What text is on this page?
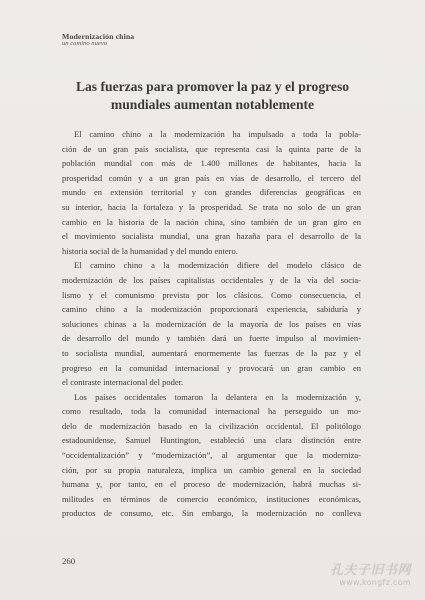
Modernización china
un camino nuevo
Las fuerzas para promover la paz y el progreso
mundiales aumentan notablemente
El camino chino a la modernización ha impulsado a toda la pobla-
ción de un gran país socialista, que representa casi la quinta parte de la
población mundial con más de 1.400 millones de habitantes, hacia la
prosperidad común y a un gran país en vías de desarrollo, el tercero del
mundo en extensión territorial y con grandes diferencias geográficas en
su interior, hacia la fortaleza y la prosperidad. Se trata no solo de un gran
cambio en la historia de la nación china, sino también de un gran giro en
el movimiento socialista mundial, una gran hazaña para el desarrollo de la
historia social de la humanidad y del mundo entero.
El camino chino a la modernización difiere del modelo clásico de
modernización de los países capitalistas occidentales y de la vía del socia-
lismo y el comunismo prevista por los clásicos. Como consecuencia, el
camino chino a la modernización proporcionará experiencia, sabiduría y
soluciones chinas a la modernización de la mayoría de los países en vías
de desarrollo del mundo y también dará un fuerte impulso al movimien-
to socialista mundial, aumentará enormemente las fuerzas de la paz y el
progreso en la comunidad internacional y provocará un gran cambio en
el contraste internacional del poder.
Los países occidentales tomaron la delantera en la modernización y,
como resultado, toda la comunidad internacional ha perseguido un mo-
delo de modernización basado en la civilización occidental. El politólogo
estadounidense, Samuel Huntington, estableció una clara distinción entre
“occidentalización” y “modernización”, al argumentar que la moderniza-
ción, por su propia naturaleza, implica un cambio general en la sociedad
humana y, por tanto, en el proceso de modernización, habrá muchas si-
militudes en términos de comercio económico, instituciones económicas,
productos de consumo, etc. Sin embargo, la modernización no conlleva
260
孔夫子旧书网
www.kongfz.com
